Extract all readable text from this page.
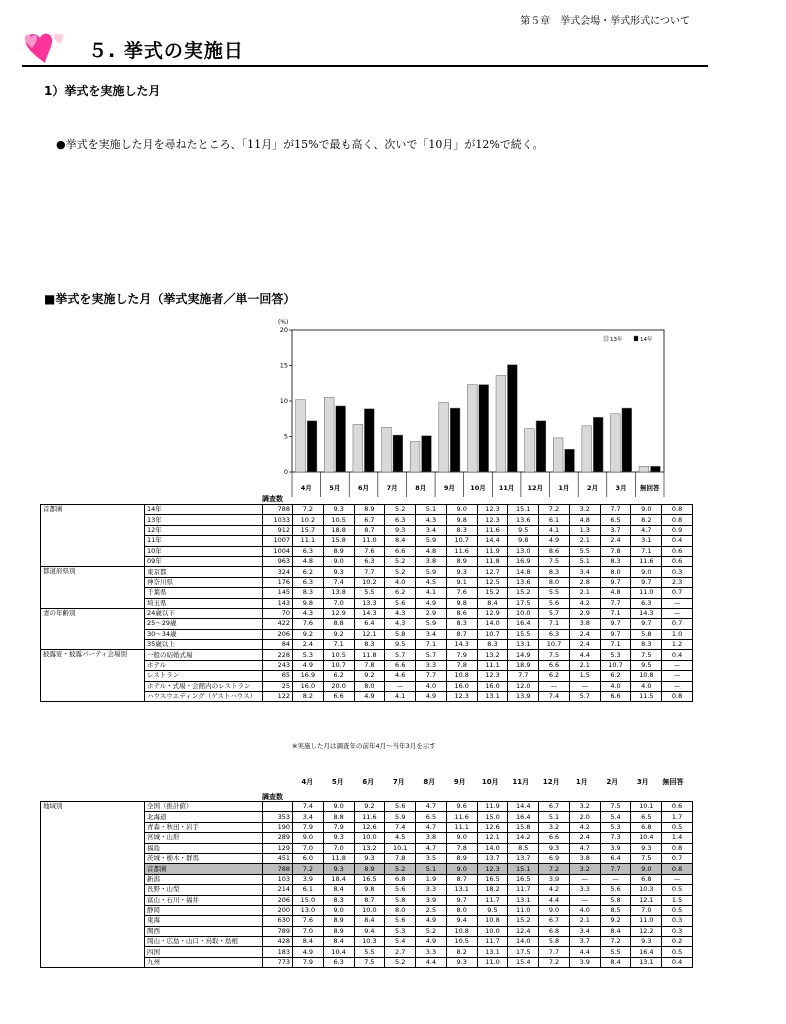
第５章　挙式会場・挙式形式について
５. 挙式の実施日
1）挙式を実施した月
●挙式を実施した月を尋ねたところ、「11月」が15%で最も高く、次いで「10月」が12%で続く。
■挙式を実施した月（挙式実施者／単一回答）
(%)
0
5
10
15
20
4月	5月	6月	7月	8月	9月 10月 11月 12月 1月	2月	3月 無回答
13年	14年
首都圏	14年	788	7.2	9.3	8.9	5.2	5.1	9.0	12.3	15.1	7.2	3.2	7.7	9.0	0.8
	13年	1033	10.2	10.5	6.7	6.3	4.3	9.8	12.3	13.6	6.1	4.8	6.5	8.2	0.8
	12年	912	15.7	18.8	8.7	9.3	3.4	8.3	11.6	9.5	4.1	1.3	3.7	4.7	0.9
	11年	1007	11.1	15.8	11.0	8.4	5.9	10.7	14.4	9.8	4.9	2.1	2.4	3.1	0.4
	10年	1004	6.3	8.9	7.6	6.6	4.8	11.6	11.9	13.0	8.6	5.5	7.8	7.1	0.6
	09年	963	4.8	9.0	6.3	5.2	3.8	8.9	11.8	16.9	7.5	5.1	8.3	11.6	0.6
都道府県別	東京都	324	6.2	9.3	7.7	5.2	5.9	9.3	12.7	14.8	8.3	3.4	8.0	9.0	0.3
	神奈川県	176	6.3	7.4	10.2	4.0	4.5	9.1	12.5	13.6	8.0	2.8	9.7	9.7	2.3
	千葉県	145	8.3	13.8	5.5	6.2	4.1	7.6	15.2	15.2	5.5	2.1	4.8	11.0	0.7
	埼玉県	143	9.8	7.0	13.3	5.6	4.9	9.8	8.4	17.5	5.6	4.2	7.7	6.3	—
妻の年齢別	24歳以下	70	4.3	12.9	14.3	4.3	2.9	8.6	12.9	10.0	5.7	2.9	7.1	14.3	—
	25～29歳	422	7.6	8.8	6.4	4.3	5.9	8.3	14.0	16.4	7.1	3.8	9.7	9.7	0.7
	30～34歳	206	9.2	9.2	12.1	5.8	3.4	8.7	10.7	15.5	6.3	2.4	9.7	5.8	1.0
	35歳以上	84	2.4	7.1	8.3	9.5	7.1	14.3	8.3	13.1	10.7	2.4	7.1	8.3	1.2
披露宴・披露パーティ会場別	一般の結婚式場	228	5.3	10.5	11.8	5.7	5.7	7.9	13.2	14.9	7.5	4.4	5.3	7.5	0.4
	ホテル	243	4.9	10.7	7.8	6.6	3.3	7.8	11.1	18.9	6.6	2.1	10.7	9.5	—
	レストラン	65	16.9	6.2	9.2	4.6	7.7	10.8	12.3	7.7	6.2	1.5	6.2	10.8	—
	ホテル・式場・会館内のレストラン	25	16.0	20.0	8.0	—	4.0	16.0	16.0	12.0	—	—	4.0	4.0	—
	ハウスウエディング（ゲストハウス）	122	8.2	6.6	4.9	4.1	4.9	12.3	13.1	13.9	7.4	5.7	6.6	11.5	0.8
調査数
※実施した月は調査年の前年4月～当年3月を示す
4月	5月	6月	7月	8月	9月	10月	11月	12月	1月	2月	3月	無回答
調査数
地域別	全国（推計値）		7.4	9.0	9.2	5.6	4.7	9.6	11.9	14.4	6.7	3.2	7.5	10.1	0.6
	北海道	353	3.4	8.8	11.6	5.9	6.5	11.6	15.0	16.4	5.1	2.0	5.4	6.5	1.7
	青森・秋田・岩手	190	7.9	7.9	12.6	7.4	4.7	11.1	12.6	15.8	3.2	4.2	5.3	6.8	0.5
	宮城・山形	289	9.0	9.3	10.0	4.5	3.8	9.0	12.1	14.2	6.6	2.4	7.3	10.4	1.4
	福島	129	7.0	7.0	13.2	10.1	4.7	7.8	14.0	8.5	9.3	4.7	3.9	9.3	0.8
	茨城・栃木・群馬	451	6.0	11.8	9.3	7.8	3.5	8.9	13.7	13.7	6.9	3.8	6.4	7.5	0.7
	首都圏	788	7.2	9.3	8.9	5.2	5.1	9.0	12.3	15.1	7.2	3.2	7.7	9.0	0.8
	新潟	103	3.9	18.4	16.5	6.8	1.9	8.7	16.5	16.5	3.9	—	—	6.8	—
	長野・山梨	214	6.1	8.4	9.8	5.6	3.3	13.1	18.2	11.7	4.2	3.3	5.6	10.3	0.5
	富山・石川・福井	206	15.0	8.3	8.7	5.8	3.9	9.7	11.7	13.1	4.4	—	5.8	12.1	1.5
	静岡	200	13.0	9.0	10.0	8.0	2.5	8.0	9.5	11.0	9.0	4.0	8.5	7.0	0.5
	東海	630	7.6	8.9	8.4	5.6	4.9	9.4	10.8	15.2	6.7	2.1	9.2	11.0	0.3
	関西	789	7.0	8.9	9.4	5.3	5.2	10.8	10.0	12.4	6.8	3.4	8.4	12.2	0.3
	岡山・広島・山口・鳥取・島根	428	8.4	8.4	10.3	5.4	4.9	10.5	11.7	14.0	5.8	3.7	7.2	9.3	0.2
	四国	183	4.9	10.4	5.5	2.7	3.3	8.2	13.1	17.5	7.7	4.4	5.5	16.4	0.5
	九州	773	7.9	6.3	7.5	5.2	4.4	9.3	11.0	15.4	7.2	3.9	8.4	13.1	0.4
